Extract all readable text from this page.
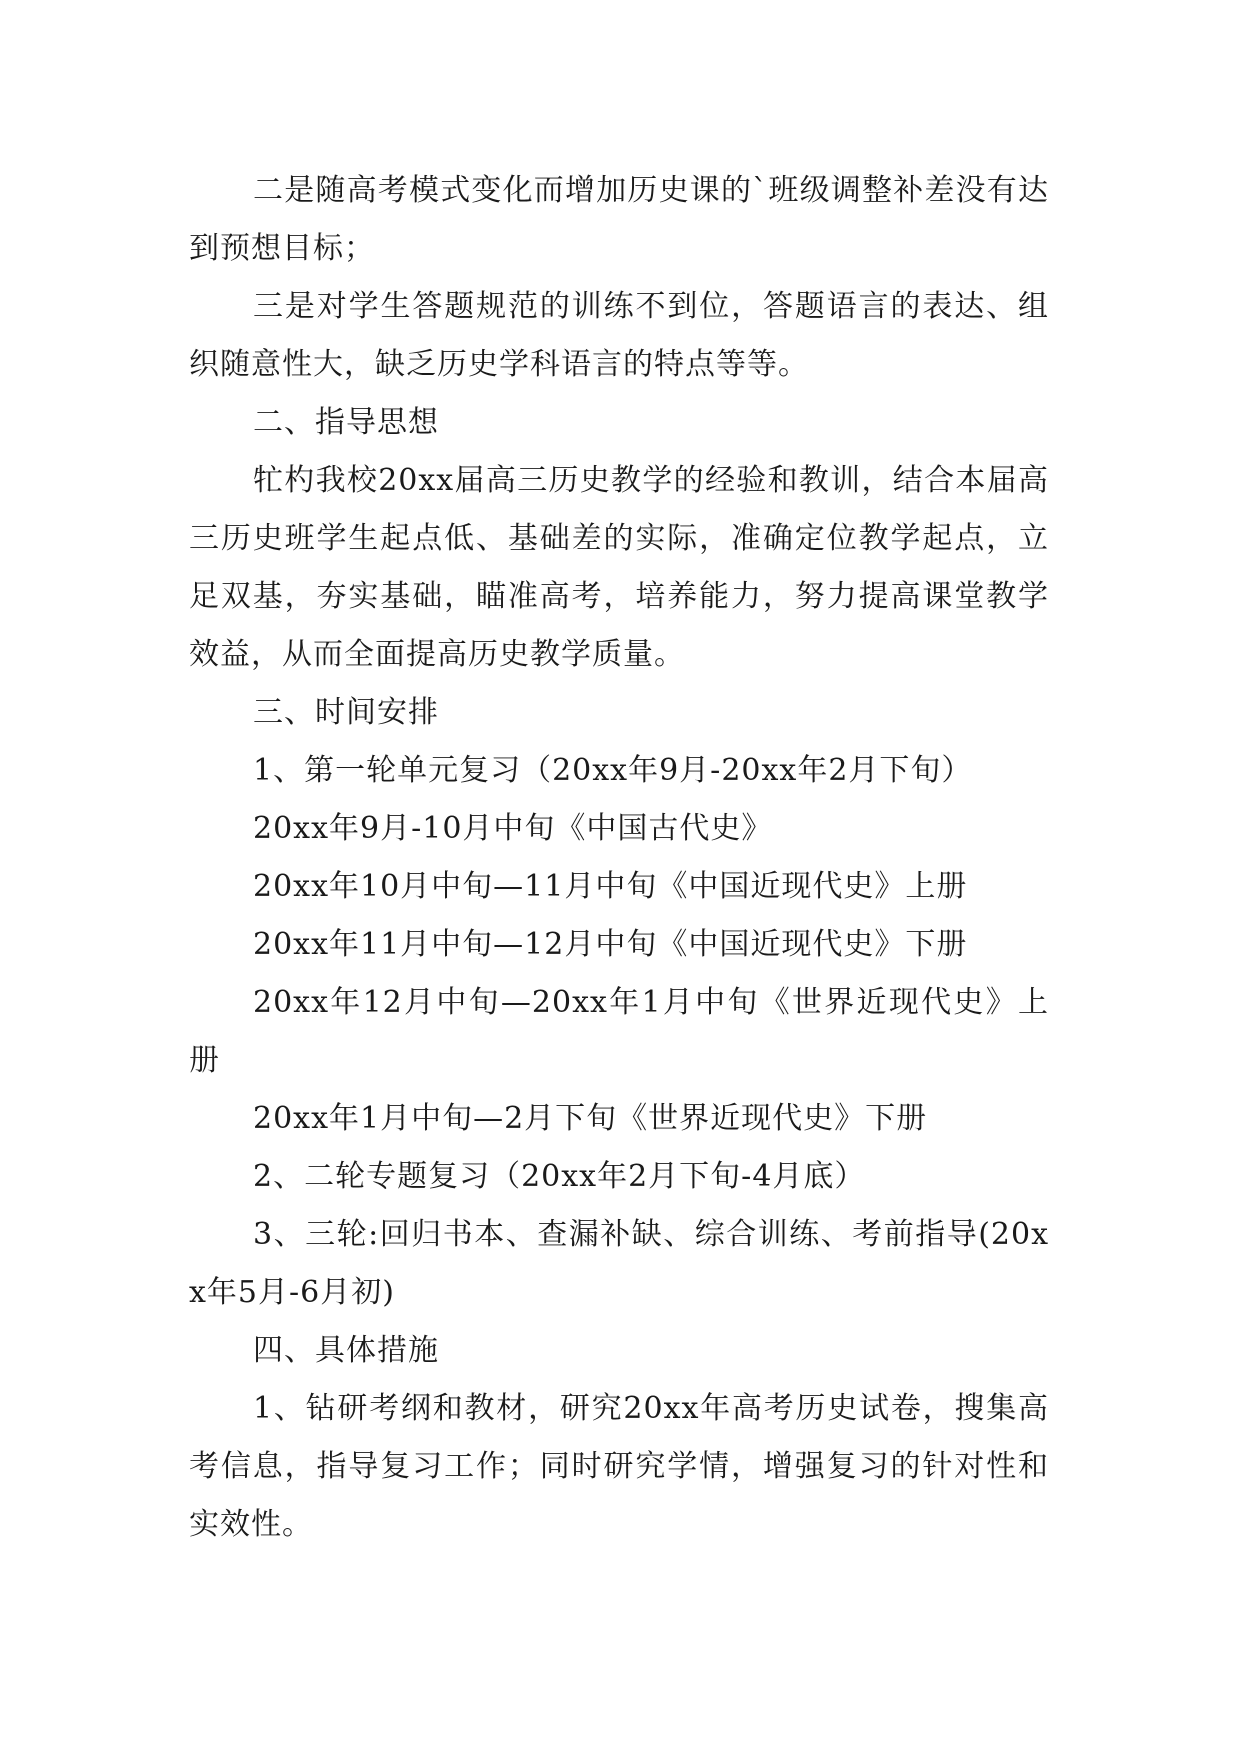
二是随高考模式变化而增加历史课的`班级调整补差没有达到预想目标；

三是对学生答题规范的训练不到位，答题语言的表达、组织随意性大，缺乏历史学科语言的特点等等。

二、指导思想

牤杓我校20xx届高三历史教学的经验和教训，结合本届高三历史班学生起点低、基础差的实际，准确定位教学起点，立足双基，夯实基础，瞄准高考，培养能力，努力提高课堂教学效益，从而全面提高历史教学质量。

三、时间安排

1、第一轮单元复习（20xx年9月-20xx年2月下旬）

20xx年9月-10月中旬《中国古代史》

20xx年10月中旬—11月中旬《中国近现代史》上册

20xx年11月中旬—12月中旬《中国近现代史》下册

20xx年12月中旬—20xx年1月中旬《世界近现代史》上册

20xx年1月中旬—2月下旬《世界近现代史》下册

2、二轮专题复习（20xx年2月下旬-4月底）

3、三轮:回归书本、查漏补缺、综合训练、考前指导(20xx年5月-6月初)

四、具体措施

1、钻研考纲和教材，研究20xx年高考历史试卷，搜集高考信息，指导复习工作；同时研究学情，增强复习的针对性和实效性。
